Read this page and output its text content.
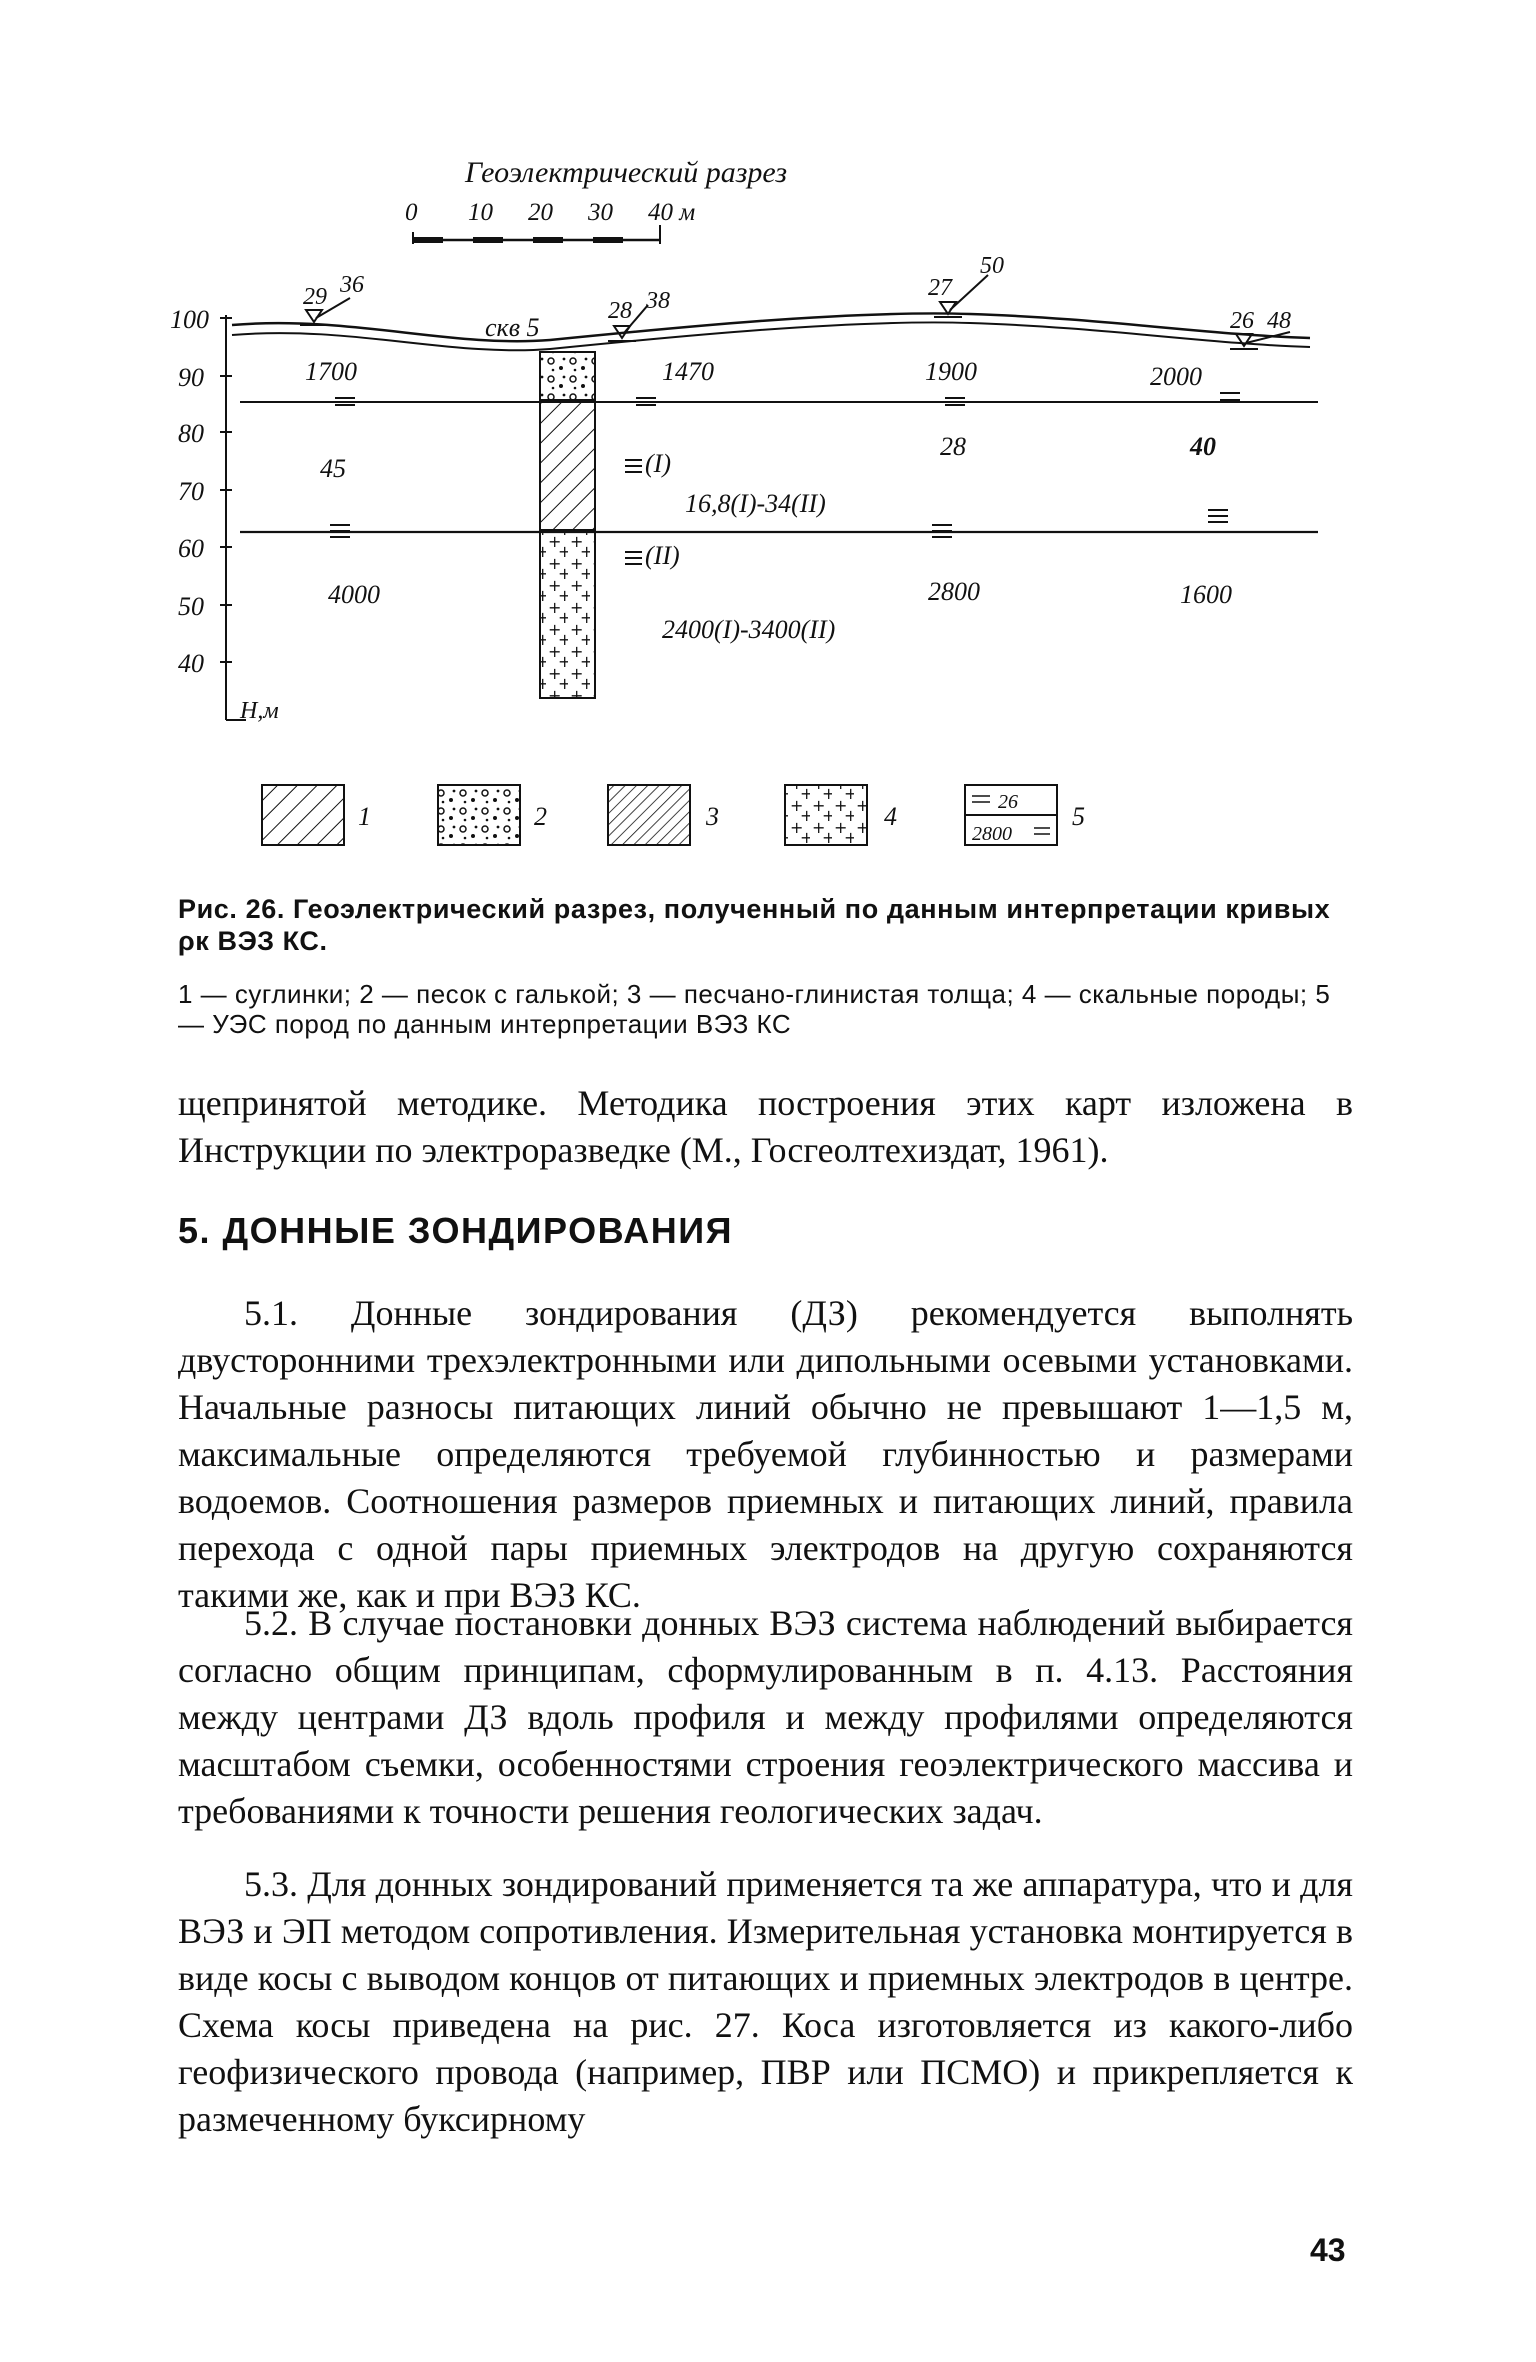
Геоэлектрический разрез
0 10 20 30 40 м
100
90
80
70
60
50
40
Н,м
скв 5
29 36
28 38	27
50
26 48
1700	1470	1900	2000
45	(I)
16,8(I)-34(II)
28	40
4000
(II)
2400(I)-3400(II)
2800	1600
1	2	3	4	26
2800
5

Рис. 26. Геоэлектрический разрез, полученный по данным интерпретации кривых ρк ВЭЗ КС.

1 — суглинки; 2 — песок с галькой; 3 — песчано-глинистая толща; 4 — скальные породы; 5 — УЭС пород по данным интерпретации ВЭЗ КС

щепринятой методике. Методика построения этих карт изложена в Инструкции по электроразведке (М., Госгеолтехиздат, 1961).

5. ДОННЫЕ ЗОНДИРОВАНИЯ

5.1. Донные зондирования (ДЗ) рекомендуется выполнять двусторонними трехэлектронными или дипольными осевыми установками. Начальные разносы питающих линий обычно не превышают 1—1,5 м, максимальные определяются требуемой глубинностью и размерами водоемов. Соотношения размеров приемных и питающих линий, правила перехода с одной пары приемных электродов на другую сохраняются такими же, как и при ВЭЗ КС.

5.2. В случае постановки донных ВЭЗ система наблюдений выбирается согласно общим принципам, сформулированным в п. 4.13. Расстояния между центрами ДЗ вдоль профиля и между профилями определяются масштабом съемки, особенностями строения геоэлектрического массива и требованиями к точности решения геологических задач.

5.3. Для донных зондирований применяется та же аппаратура, что и для ВЭЗ и ЭП методом сопротивления. Измерительная установка монтируется в виде косы с выводом концов от питающих и приемных электродов в центре. Схема косы приведена на рис. 27. Коса изготовляется из какого-либо геофизического провода (например, ПВР или ПСМО) и прикрепляется к размеченному буксирному

43
